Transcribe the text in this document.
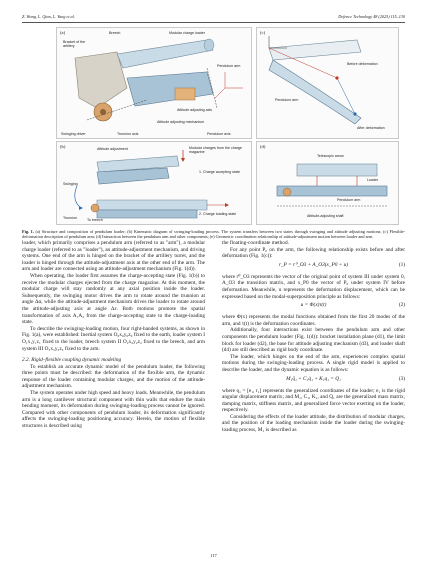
Z. Wang, L. Qian, L. Yang et al.	Defence Technology 48 (2025) 115–130
(a)	Breech	Modular charge loader
Bracket of the artillery
Pendulum arm
Attitude adjusting axis
Attitude adjusting mechanism
Swinging driver	Trunnion axis	Pendulum axis
(b)	Attitude adjustment	Modular charges from the charge magazine
1. Charge accepting state
Swinging
Trunnion	To breech
2. Charge loading state
(c)
Before deformation
Pendulum arm
After deformation
(d)
Telescopic arrow
Loader
Pendulum arm
Attitude-adjusting shaft
Fig. 1. (a) Structure and composition of pendulum loader; (b) Kinematic diagram of swinging-loading process. The system transfers between two states through swinging and attitude adjusting motions; (c) Flexible-deformation description of pendulum arm; (d) Interaction between the pendulum arm and other components; (e) Geometric coordination relationship of attitude-adjustment motion between loader and arm.

loader, which primarily comprises a pendulum arm (referred to as "arm"), a modular charge loader (referred to as "loader"), an attitude-adjustment mechanism, and driving systems. One end of the arm is hinged on the bracket of the artillery turret, and the loader is hinged through the attitude-adjustment axis at the other end of the arm. The arm and loader are connected using an attitude-adjustment mechanism (Fig. 1(d)).

When operating, the loader first assumes the charge-accepting state (Fig. 1(b)) to receive the modular charges ejected from the charge magazine. At this moment, the modular charge will stay randomly at any axial position inside the loader. Subsequently, the swinging motor drives the arm to rotate around the trunnion at angle Δα, while the attitude-adjustment mechanism drives the loader to rotate around the attitude-adjusting axis at angle Δε. Both motions promote the spatial transformation of axis A₁A₂ from the charge-accepting state to the charge-loading state.

To describe the swinging-loading motion, four right-handed systems, as shown in Fig. 1(a), were established: Inertial system O₀x₀y₀z₀ fixed to the earth, loader system I O₁x₁y₁z₁ fixed to the loader, breech system II O₂x₂y₂z₂ fixed to the breech, and arm system III O₃x₃y₃z₃ fixed to the arm.

2.2. Rigid–flexible coupling dynamic modeling

To establish an accurate dynamic model of the pendulum loader, the following three points must be described: the deformation of the flexible arm, the dynamic response of the loader containing modular charges, and the motion of the attitude-adjustment mechanism.

The system operates under high speed and heavy loads. Meanwhile, the pendulum arm is a long cantilever structural component with thin walls that endure the main bending moment, its deformation during swinging-loading process cannot be ignored. Compared with other components of pendulum loader, its deformation significantly affects the swinging-loading positioning accuracy. Herein, the motion of flexible structures is described using

the floating-coordinate method.

For any point P₀ on the arm, the following relationship exists before and after deformation (Fig. 1(c)):

r_P = r⁰_O3 + A_O3(x_P0 + u)	(1)

where r⁰_O3 represents the vector of the original point of system III under system 0, A_O3 the transition matrix, and x_P0 the vector of P₀ under system IV before deformation. Meanwhile, u represents the deformation displacement, which can be expressed based on the modal-superposition principle as follows:

u = Φ(x)τ(t)	(2)

where Φ(x) represents the modal functions obtained from the first 20 modes of the arm, and τ(t) is the deformation coordinates.

Additionally, four interactions exist between the pendulum arm and other components the pendulum loader (Fig. 1(d)): bracket installation plane (d1), the limit block for loader (d2), the base for attitude adjusting mechanism (d3), and loader shaft (d4) are still described as rigid body coordinate.

The loader, which hinges on the end of the arm, experiences complex spatial motions during the swinging-loading process. A single rigid model is applied to describe the loader, and the dynamic equation is as follows:

M₁q̈₁ + C₁q̇₁ + K₁q₁ = Q₁	(3)

where q₁ = [e₁, r₁] represents the generalized coordinates of the loader; e₁ is the rigid angular displacement matrix; and M₁, C₁, K₁, and Q₁ are the generalized mass matrix, damping matrix, stiffness matrix, and generalized force vector exerting on the loader, respectively.

Considering the effects of the loader attitude, the distribution of modular charges, and the position of the loading mechanism inside the loader during the swinging-loading process, M₁ is described as

117
